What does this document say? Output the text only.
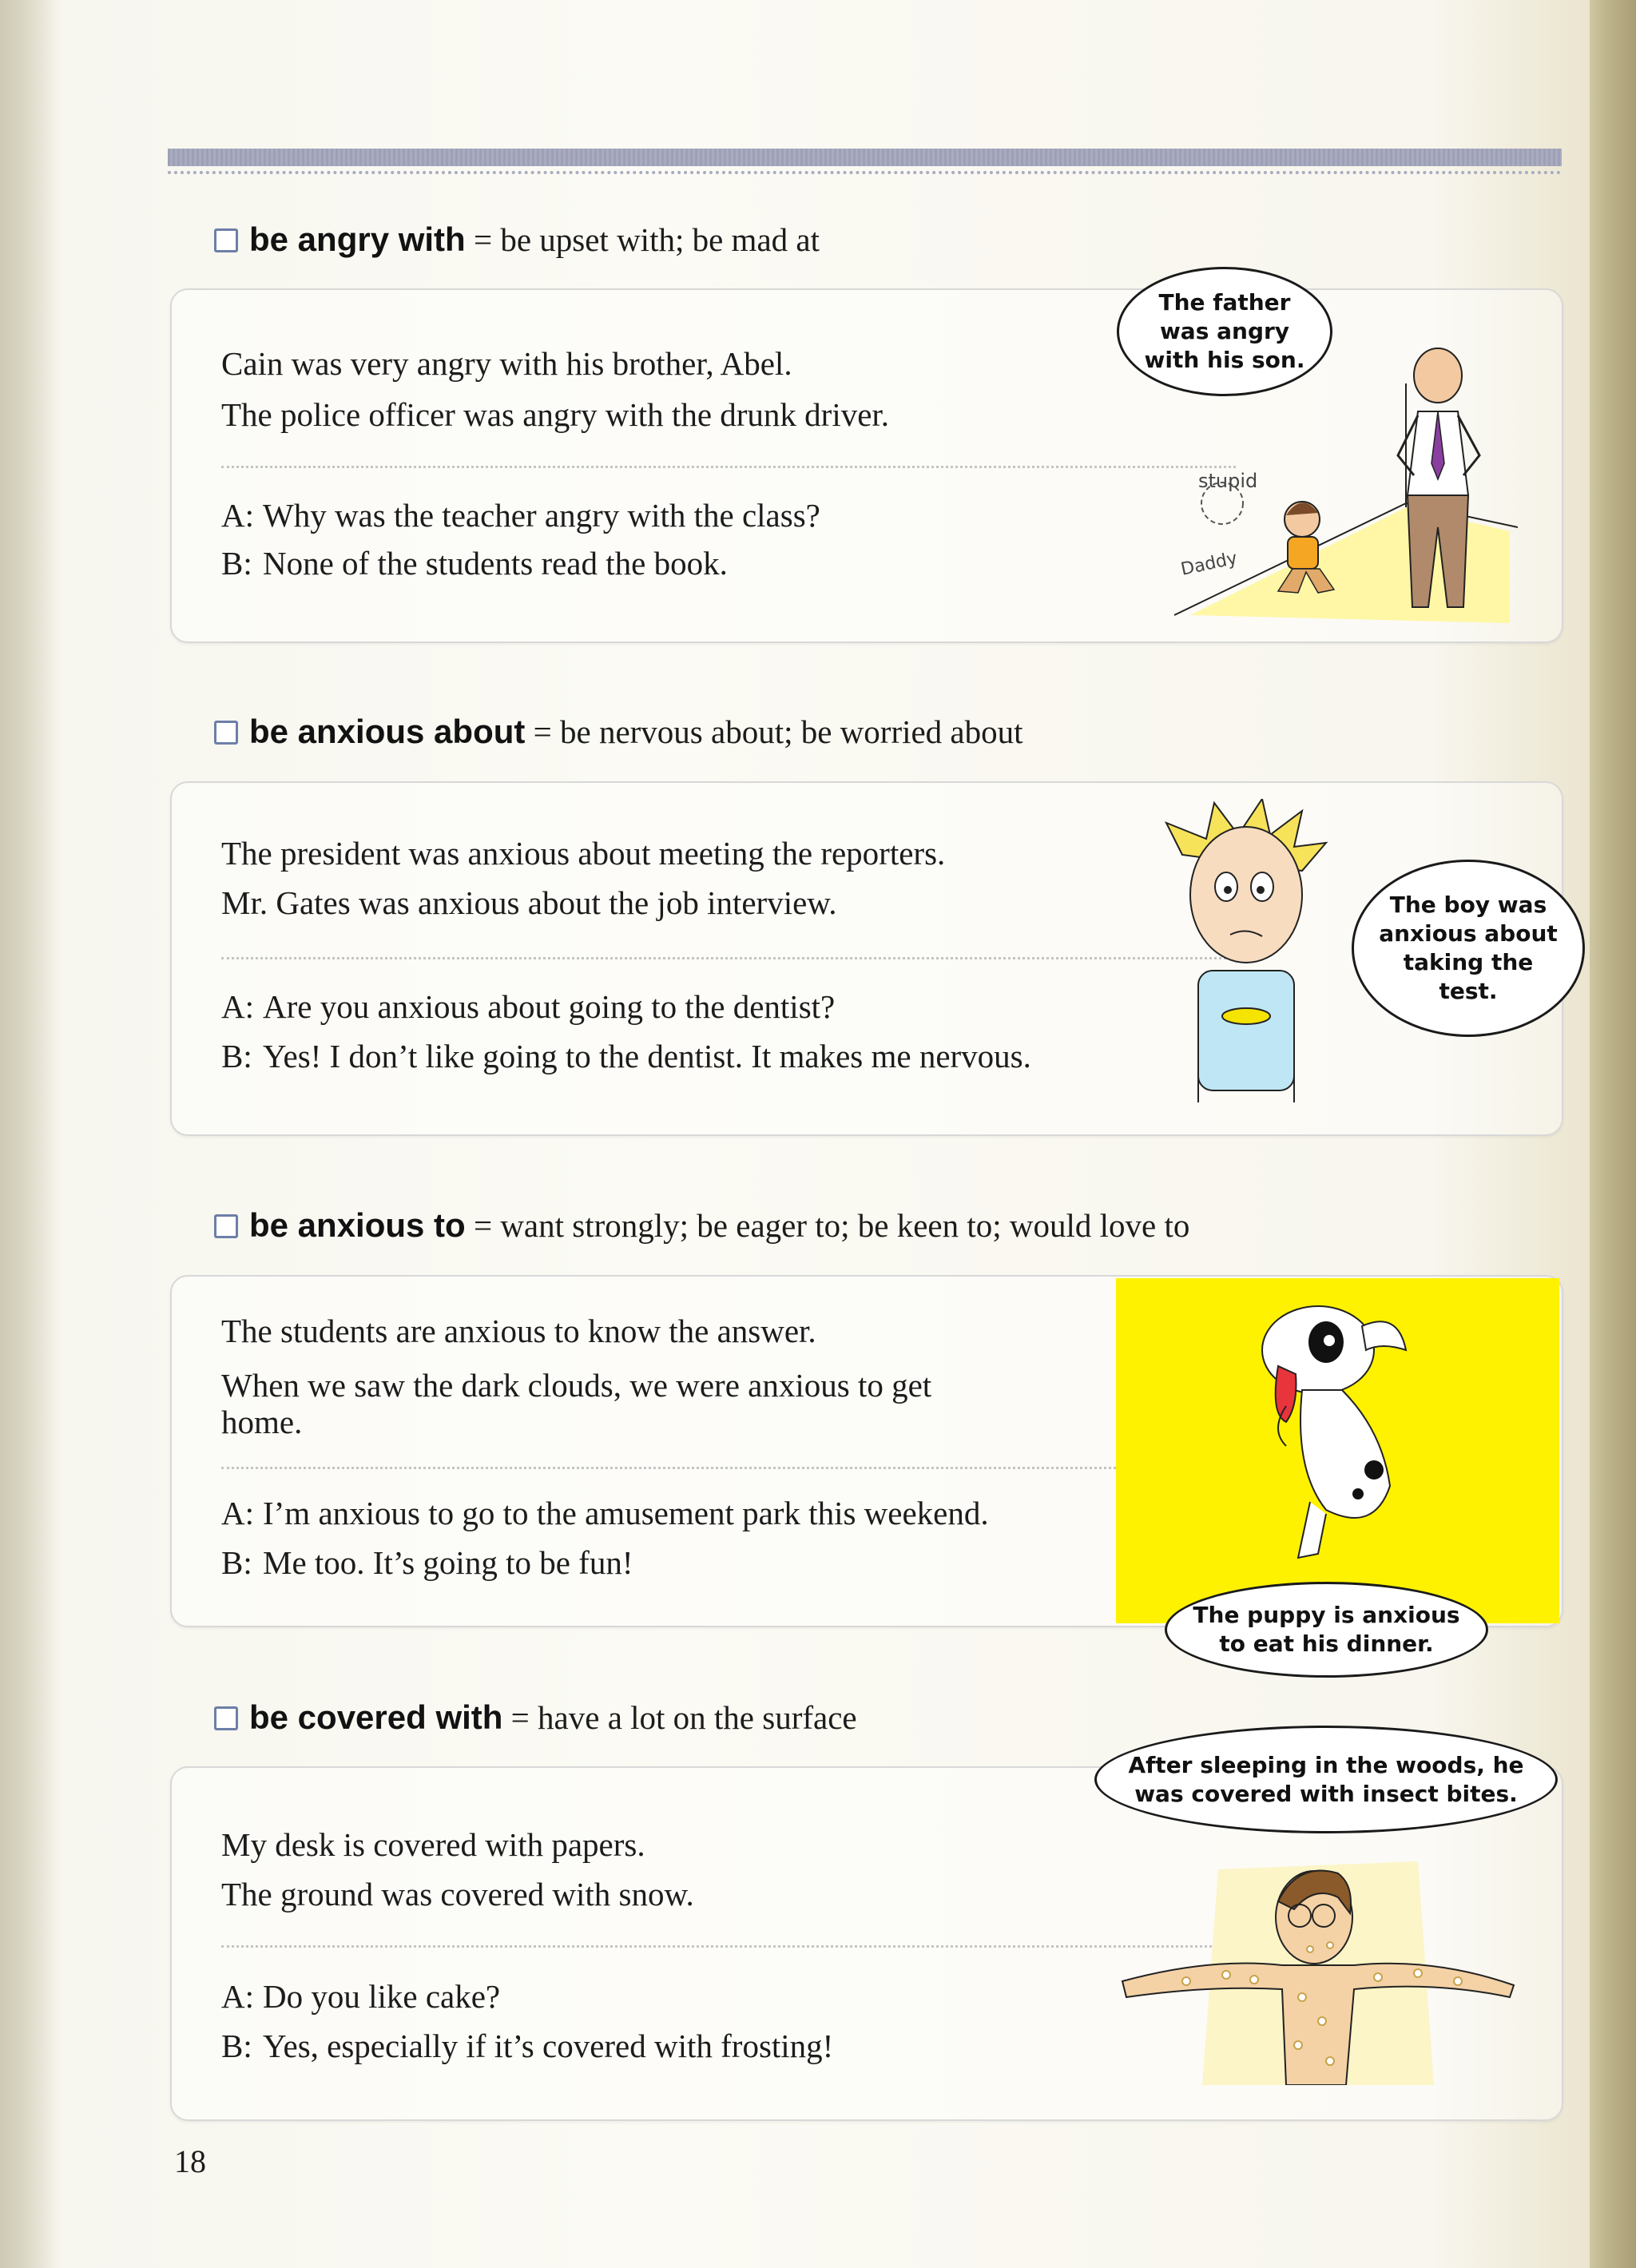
be angry with = be upset with; be mad at
Cain was very angry with his brother, Abel.
The police officer was angry with the drunk driver.
A: Why was the teacher angry with the class?
B: None of the students read the book.
The father
was angry
with his son.
stupid
Daddy
be anxious about = be nervous about; be worried about
The president was anxious about meeting the reporters.
Mr. Gates was anxious about the job interview.
A: Are you anxious about going to the dentist?
B: Yes! I don’t like going to the dentist. It makes me nervous.
The boy was
anxious about
taking the
test.
be anxious to = want strongly; be eager to; be keen to; would love to
The students are anxious to know the answer.
When we saw the dark clouds, we were anxious to get
home.
A: I’m anxious to go to the amusement park this weekend.
B: Me too. It’s going to be fun!
The puppy is anxious
to eat his dinner.
be covered with = have a lot on the surface
My desk is covered with papers.
The ground was covered with snow.
A: Do you like cake?
B: Yes, especially if it’s covered with frosting!
After sleeping in the woods, he
was covered with insect bites.
18
